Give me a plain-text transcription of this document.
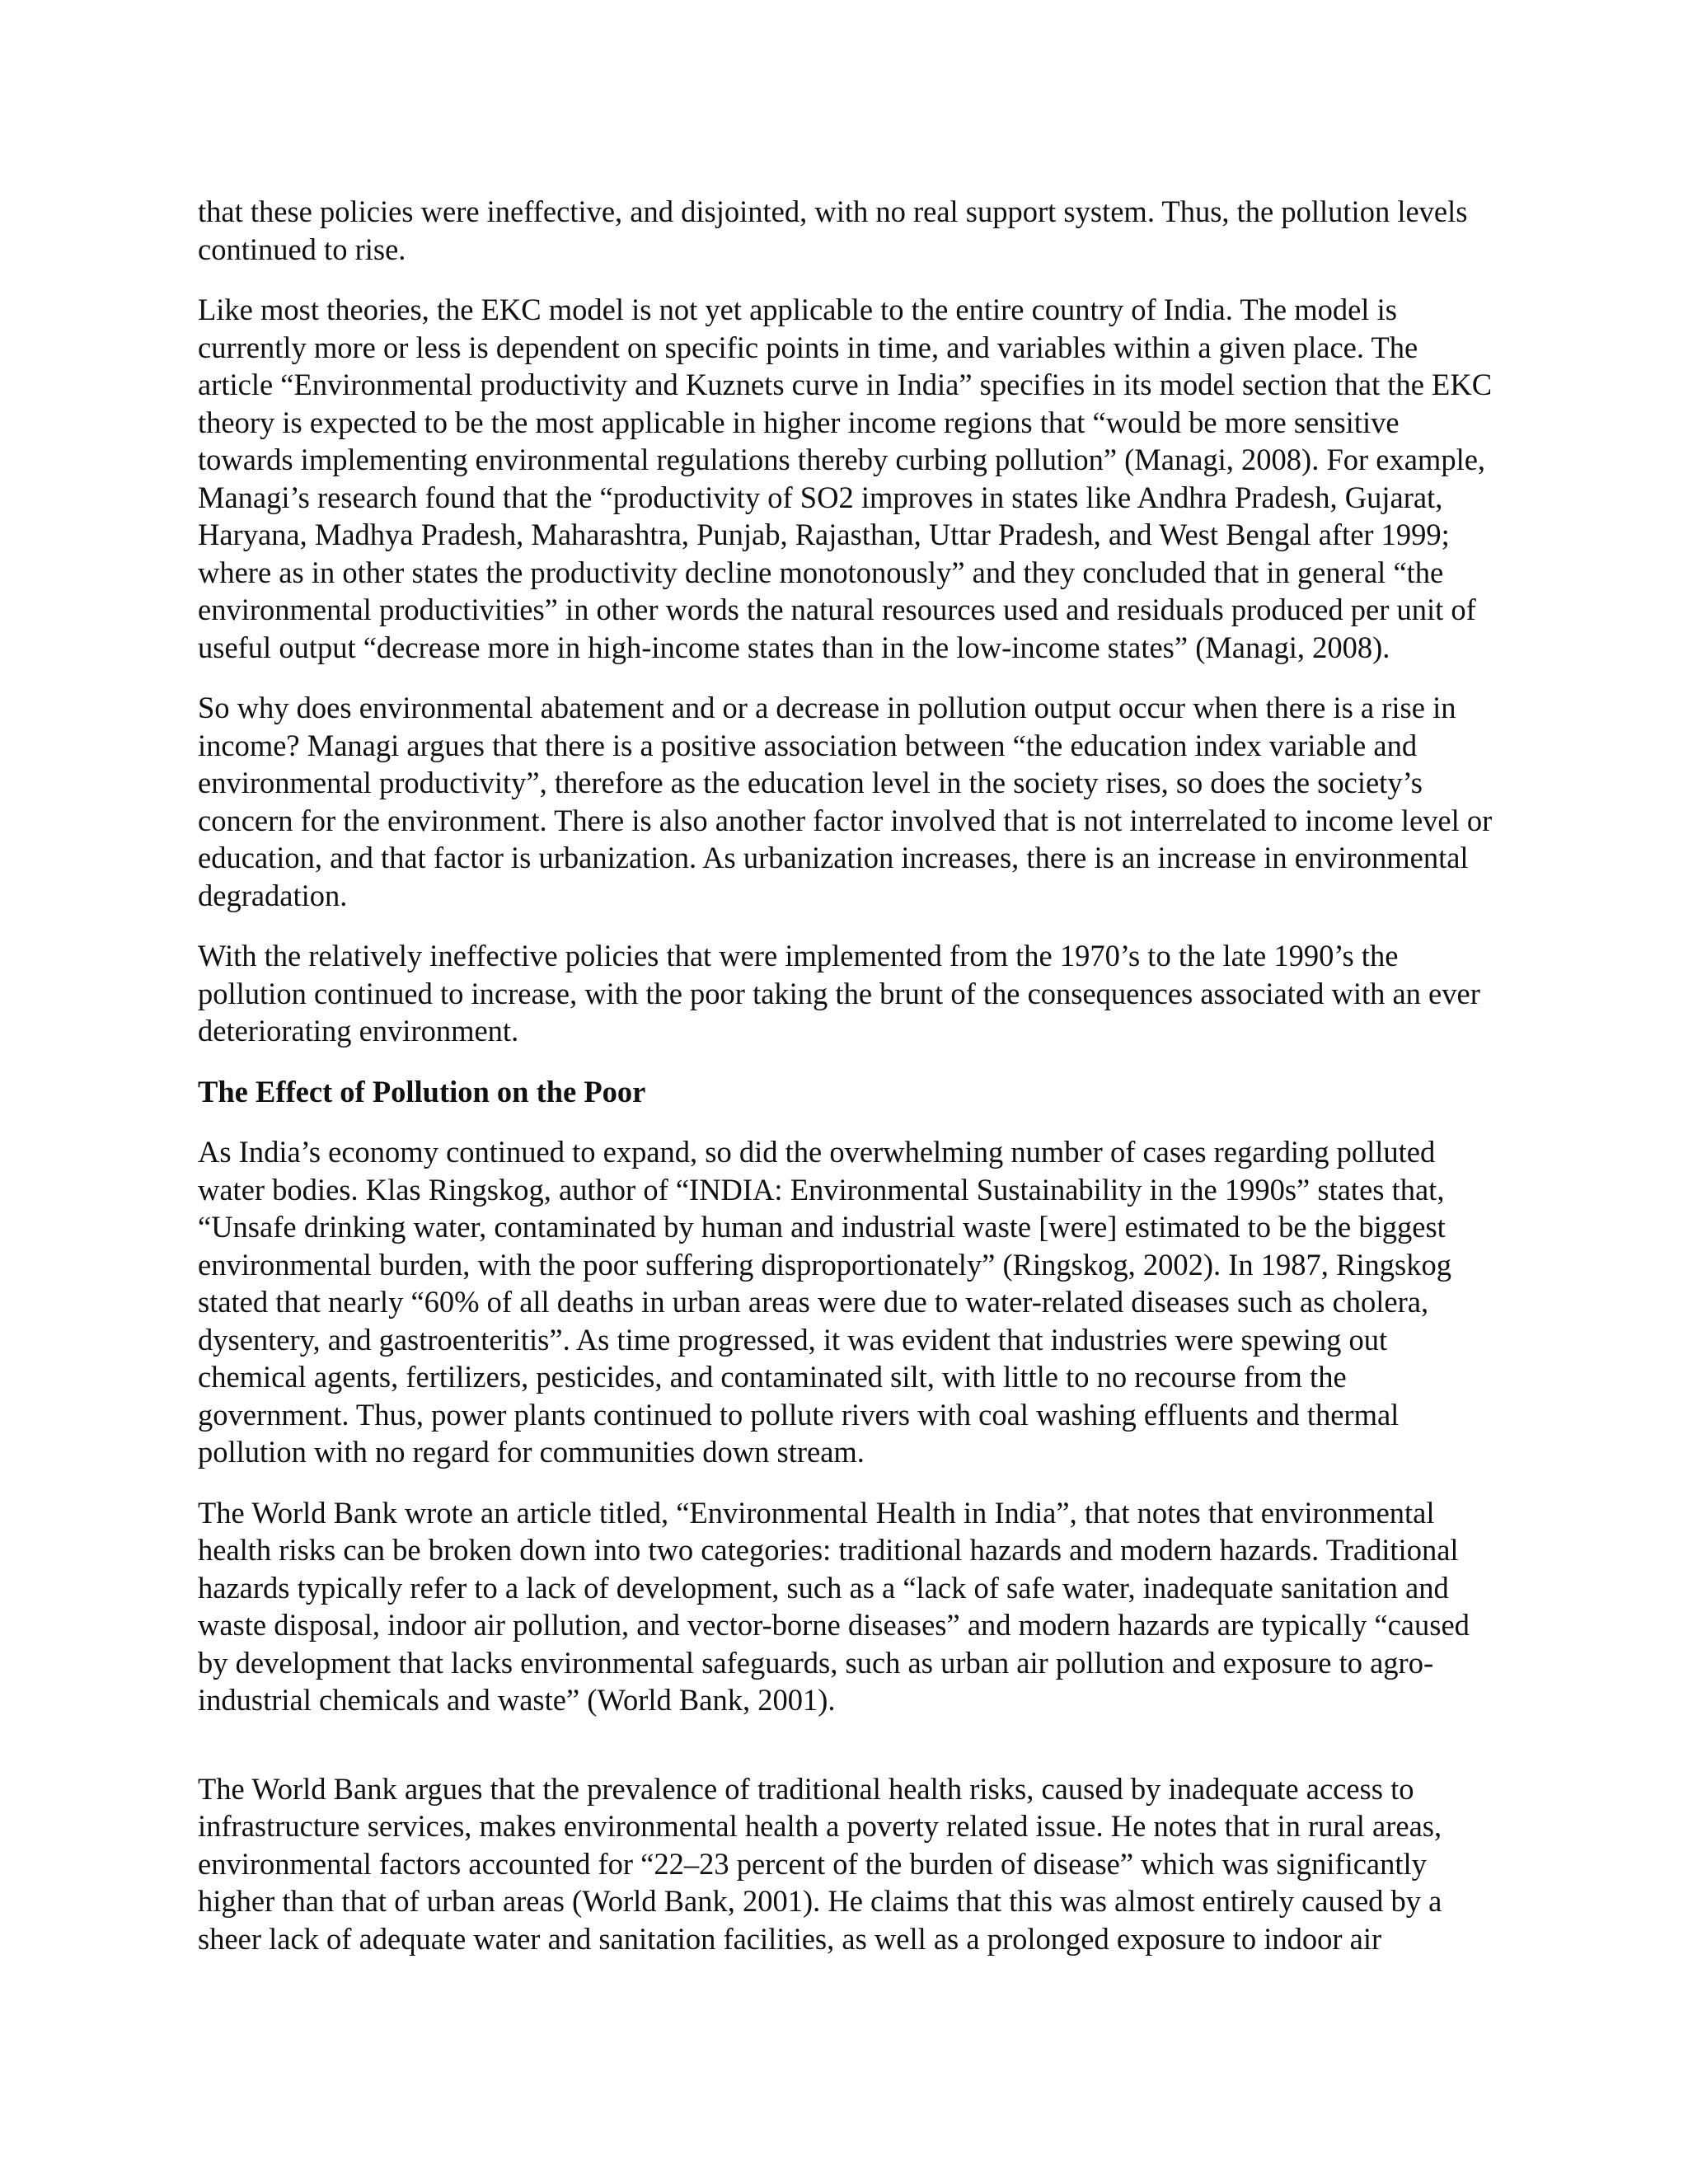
that these policies were ineffective, and disjointed, with no real support system. Thus, the pollution levels continued to rise.

Like most theories, the EKC model is not yet applicable to the entire country of India. The model is currently more or less is dependent on specific points in time, and variables within a given place. The article “Environmental productivity and Kuznets curve in India” specifies in its model section that the EKC theory is expected to be the most applicable in higher income regions that “would be more sensitive towards implementing environmental regulations thereby curbing pollution” (Managi, 2008). For example, Managi’s research found that the “productivity of SO2 improves in states like Andhra Pradesh, Gujarat, Haryana, Madhya Pradesh, Maharashtra, Punjab, Rajasthan, Uttar Pradesh, and West Bengal after 1999; where as in other states the productivity decline monotonously” and they concluded that in general “the environmental productivities” in other words the natural resources used and residuals produced per unit of useful output “decrease more in high-income states than in the low-income states” (Managi, 2008).

So why does environmental abatement and or a decrease in pollution output occur when there is a rise in income? Managi argues that there is a positive association between “the education index variable and environmental productivity”, therefore as the education level in the society rises, so does the society’s concern for the environment. There is also another factor involved that is not interrelated to income level or education, and that factor is urbanization. As urbanization increases, there is an increase in environmental degradation.

With the relatively ineffective policies that were implemented from the 1970’s to the late 1990’s the pollution continued to increase, with the poor taking the brunt of the consequences associated with an ever deteriorating environment.

The Effect of Pollution on the Poor

As India’s economy continued to expand, so did the overwhelming number of cases regarding polluted water bodies. Klas Ringskog, author of “INDIA: Environmental Sustainability in the 1990s” states that, “Unsafe drinking water, contaminated by human and industrial waste [were] estimated to be the biggest environmental burden, with the poor suffering disproportionately” (Ringskog, 2002). In 1987, Ringskog stated that nearly “60% of all deaths in urban areas were due to water-related diseases such as cholera, dysentery, and gastroenteritis”. As time progressed, it was evident that industries were spewing out chemical agents, fertilizers, pesticides, and contaminated silt, with little to no recourse from the government. Thus, power plants continued to pollute rivers with coal washing effluents and thermal pollution with no regard for communities down stream.

The World Bank wrote an article titled, “Environmental Health in India”, that notes that environmental health risks can be broken down into two categories: traditional hazards and modern hazards. Traditional hazards typically refer to a lack of development, such as a “lack of safe water, inadequate sanitation and waste disposal, indoor air pollution, and vector-borne diseases” and modern hazards are typically “caused by development that lacks environmental safeguards, such as urban air pollution and exposure to agro-industrial chemicals and waste” (World Bank, 2001).

The World Bank argues that the prevalence of traditional health risks, caused by inadequate access to infrastructure services, makes environmental health a poverty related issue. He notes that in rural areas, environmental factors accounted for “22–23 percent of the burden of disease” which was significantly higher than that of urban areas (World Bank, 2001). He claims that this was almost entirely caused by a sheer lack of adequate water and sanitation facilities, as well as a prolonged exposure to indoor air
